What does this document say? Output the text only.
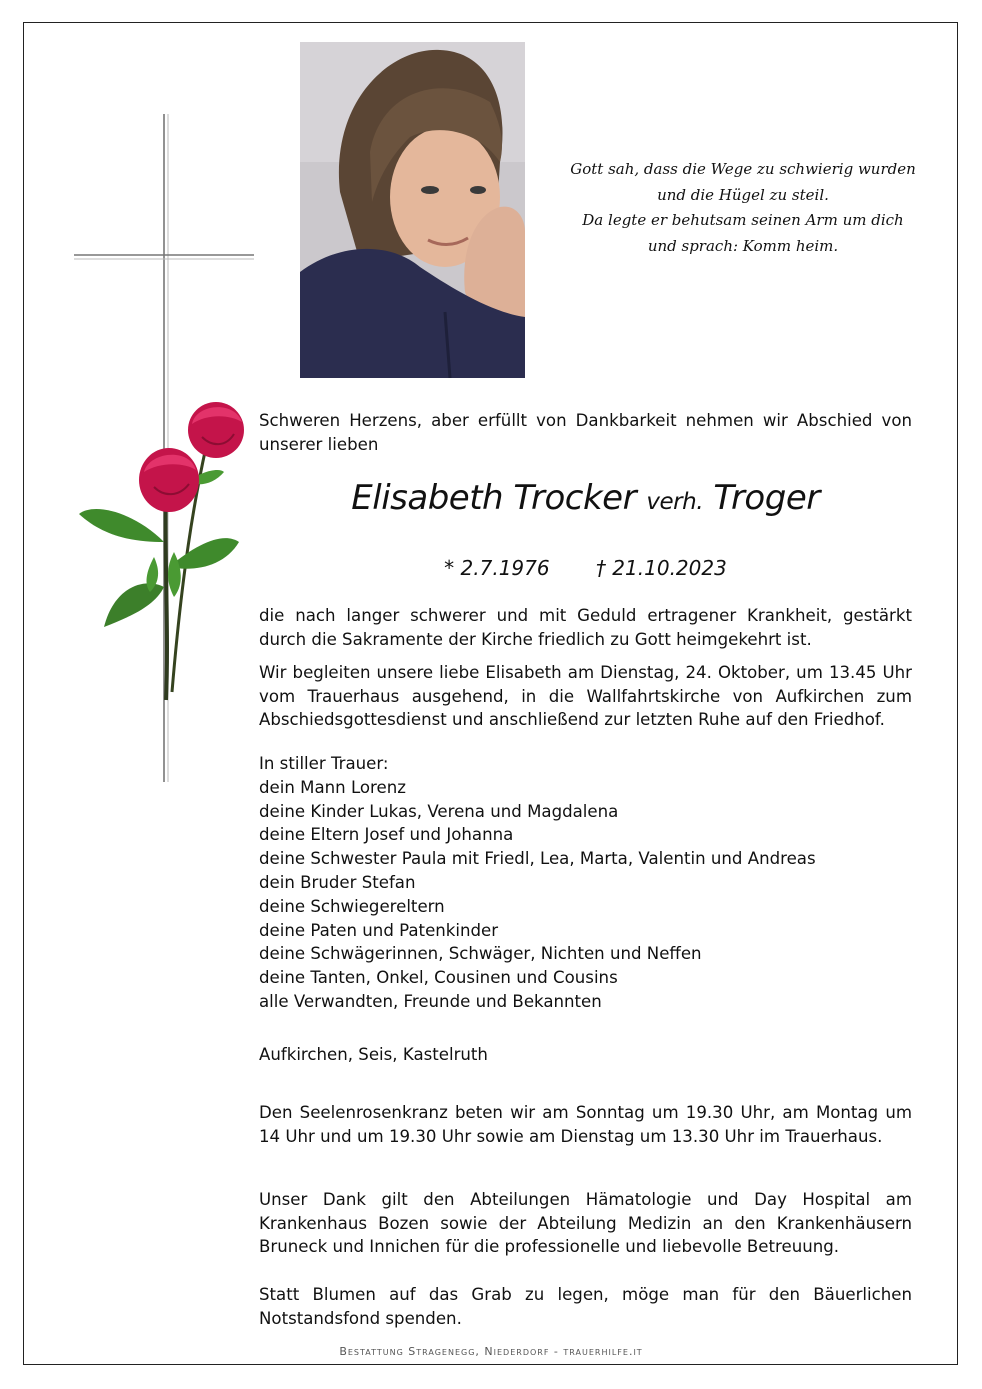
Gott sah, dass die Wege zu schwierig wurden
und die Hügel zu steil.
Da legte er behutsam seinen Arm um dich
und sprach: Komm heim.
Schweren Herzens, aber erfüllt von Dankbarkeit nehmen wir Abschied von unserer lieben
Elisabeth Trocker verh. Troger
* 2.7.1976 † 21.10.2023
die nach langer schwerer und mit Geduld ertragener Krankheit, gestärkt durch die Sakramente der Kirche friedlich zu Gott heimgekehrt ist.
Wir begleiten unsere liebe Elisabeth am Dienstag, 24. Oktober, um 13.45 Uhr vom Trauerhaus ausgehend, in die Wallfahrtskirche von Aufkirchen zum Abschiedsgottesdienst und anschließend zur letzten Ruhe auf den Friedhof.
In stiller Trauer:
dein Mann Lorenz
deine Kinder Lukas, Verena und Magdalena
deine Eltern Josef und Johanna
deine Schwester Paula mit Friedl, Lea, Marta, Valentin und Andreas
dein Bruder Stefan
deine Schwiegereltern
deine Paten und Patenkinder
deine Schwägerinnen, Schwäger, Nichten und Neffen
deine Tanten, Onkel, Cousinen und Cousins
alle Verwandten, Freunde und Bekannten
Aufkirchen, Seis, Kastelruth
Den Seelenrosenkranz beten wir am Sonntag um 19.30 Uhr, am Montag um 14 Uhr und um 19.30 Uhr sowie am Dienstag um 13.30 Uhr im Trauerhaus.
Unser Dank gilt den Abteilungen Hämatologie und Day Hospital am Krankenhaus Bozen sowie der Abteilung Medizin an den Krankenhäusern Bruneck und Innichen für die professionelle und liebevolle Betreuung.
Statt Blumen auf das Grab zu legen, möge man für den Bäuerlichen Notstandsfond spenden.
Bestattung Stragenegg, Niederdorf - trauerhilfe.it
